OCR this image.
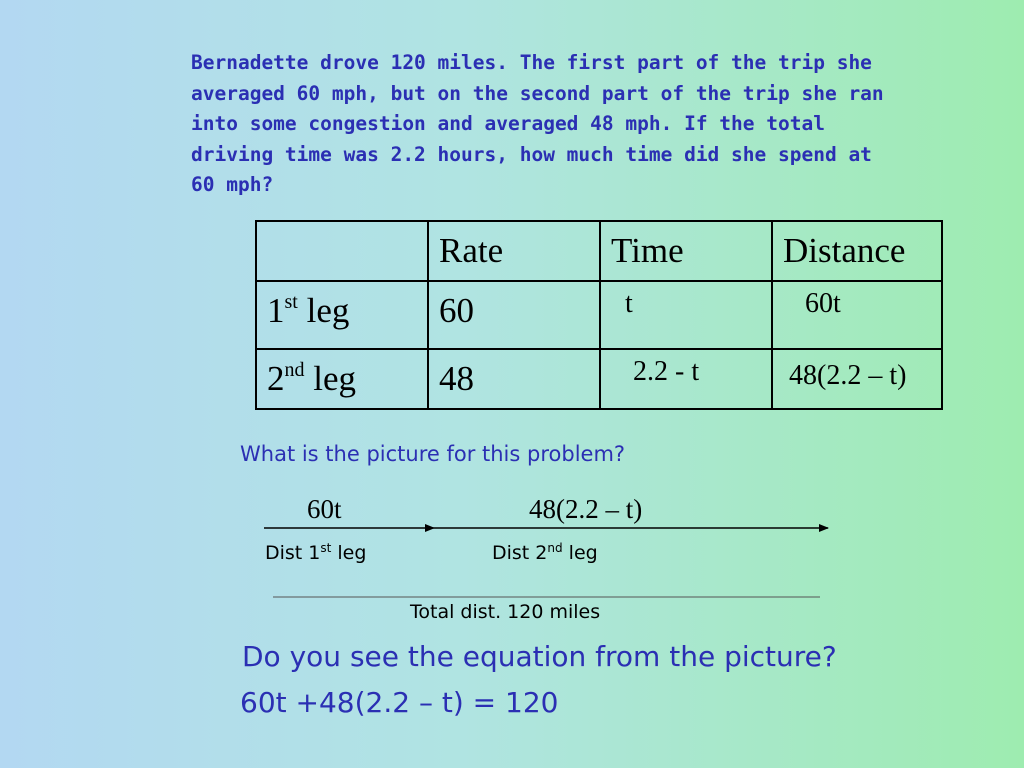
Bernadette drove 120 miles. The first part of the trip she
averaged 60 mph, but on the second part of the trip she ran
into some congestion and averaged 48 mph. If the total
driving time was 2.2 hours, how much time did she spend at
60 mph?

	Rate	Time	Distance

1st leg	60	t	60t

2nd leg	48	2.2 - t	48(2.2 – t)
What is the picture for this problem?
60t	48(2.2 – t)
Dist 1st leg	Dist 2nd leg
Total dist. 120 miles
Do you see the equation from the picture?
60t +48(2.2 – t) = 120
